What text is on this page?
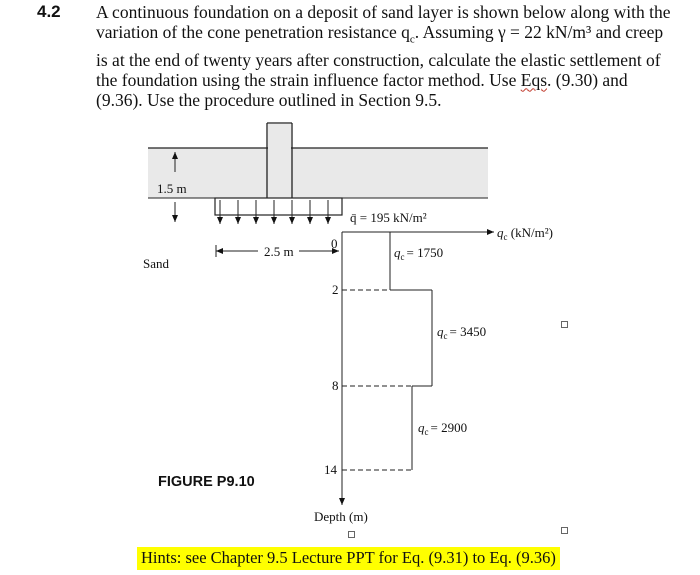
4.2 A continuous foundation on a deposit of sand layer is shown below along with the
variation of the cone penetration resistance $q_c$. Assuming γ = 22 kN/m³ and creep
is at the end of twenty years after construction, calculate the elastic settlement of
the foundation using the strain influence factor method. Use Eqs. (9.30) and
(9.36). Use the procedure outlined in Section 9.5.
1.5 m
q̄ = 195 kN/m²
$q_c$ (kN/m²)
Sand
2.5 m
0
Depth (m)
2
8
14
$q_c = 1750$
$q_c = 3450$
$q_c = 2900$
FIGURE P9.10
Hints: see Chapter 9.5 Lecture PPT for Eq. (9.31) to Eq. (9.36)
